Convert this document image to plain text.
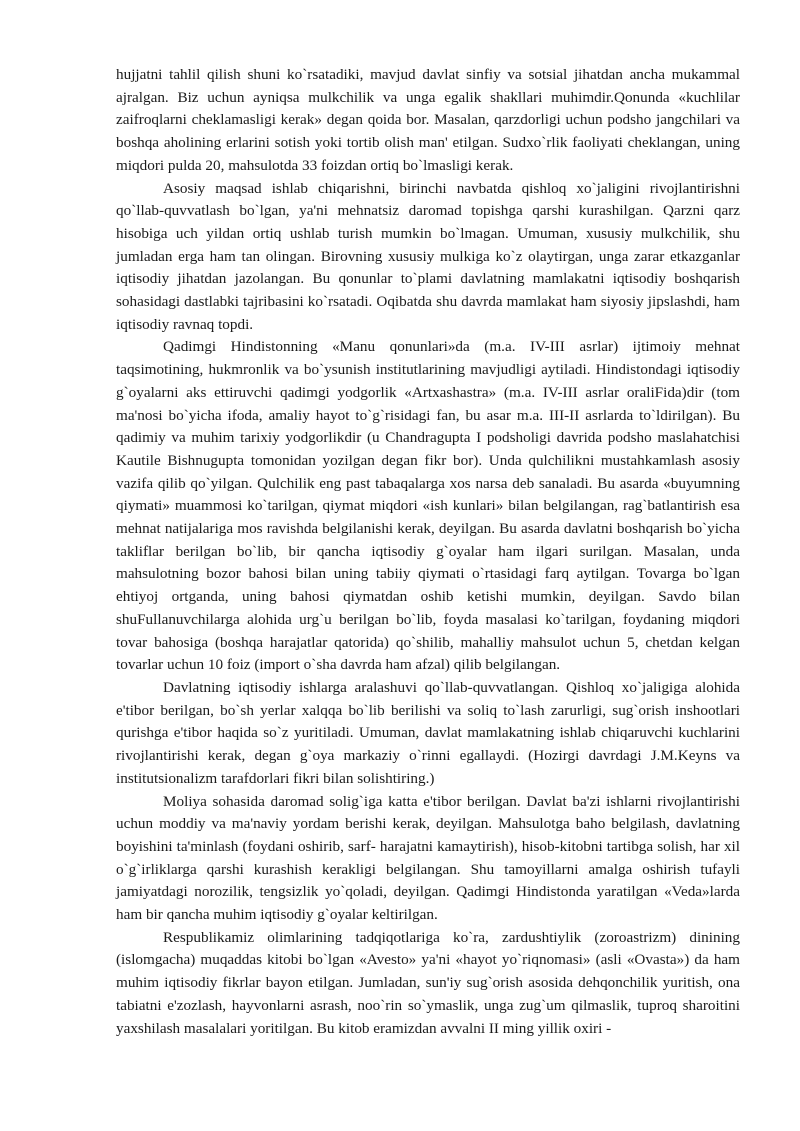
hujjatni tahlil qilish shuni ko`rsatadiki, mavjud davlat sinfiy va sotsial jihatdan ancha mukammal ajralgan. Biz uchun ayniqsa mulkchilik va unga egalik shakllari muhimdir.Qonunda «kuchlilar zaifroqlarni cheklamasligi kerak» degan qoida bor. Masalan, qarzdorligi uchun podsho jangchilari va boshqa aholining erlarini sotish yoki tortib olish man' etilgan. Sudxo`rlik faoliyati cheklangan, uning miqdori pulda 20, mahsulotda 33 foizdan ortiq bo`lmasligi kerak.

Asosiy maqsad ishlab chiqarishni, birinchi navbatda qishloq xo`jaligini rivojlantirishni qo`llab-quvvatlash bo`lgan, ya'ni mehnatsiz daromad topishga qarshi kurashilgan. Qarzni qarz hisobiga uch yildan ortiq ushlab turish mumkin bo`lmagan. Umuman, xususiy mulkchilik, shu jumladan erga ham tan olingan. Birovning xususiy mulkiga ko`z olaytirgan, unga zarar etkazganlar iqtisodiy jihatdan jazolangan. Bu qonunlar to`plami davlatning mamlakatni iqtisodiy boshqarish sohasidagi dastlabki tajribasini ko`rsatadi. Oqibatda shu davrda mamlakat ham siyosiy jipslashdi, ham iqtisodiy ravnaq topdi.

Qadimgi Hindistonning «Manu qonunlari»da (m.a. IV-III asrlar) ijtimoiy mehnat taqsimotining, hukmronlik va bo`ysunish institutlarining mavjudligi aytiladi. Hindistondagi iqtisodiy g`oyalarni aks ettiruvchi qadimgi yodgorlik «Artxashastra» (m.a. IV-III asrlar oraliFida)dir (tom ma'nosi bo`yicha ifoda, amaliy hayot to`g`risidagi fan, bu asar m.a. III-II asrlarda to`ldirilgan). Bu qadimiy va muhim tarixiy yodgorlikdir (u Chandragupta I podsholigi davrida podsho maslahatchisi Kautile Bishnugupta tomonidan yozilgan degan fikr bor). Unda qulchilikni mustahkamlash asosiy vazifa qilib qo`yilgan. Qulchilik eng past tabaqalarga xos narsa deb sanaladi. Bu asarda «buyumning qiymati» muammosi ko`tarilgan, qiymat miqdori «ish kunlari» bilan belgilangan, rag`batlantirish esa mehnat natijalariga mos ravishda belgilanishi kerak, deyilgan. Bu asarda davlatni boshqarish bo`yicha takliflar berilgan bo`lib, bir qancha iqtisodiy g`oyalar ham ilgari surilgan. Masalan, unda mahsulotning bozor bahosi bilan uning tabiiy qiymati o`rtasidagi farq aytilgan. Tovarga bo`lgan ehtiyoj ortganda, uning bahosi qiymatdan oshib ketishi mumkin, deyilgan. Savdo bilan shuFullanuvchilarga alohida urg`u berilgan bo`lib, foyda masalasi ko`tarilgan, foydaning miqdori tovar bahosiga (boshqa harajatlar qatorida) qo`shilib, mahalliy mahsulot uchun 5, chetdan kelgan tovarlar uchun 10 foiz (import o`sha davrda ham afzal) qilib belgilangan.

Davlatning iqtisodiy ishlarga aralashuvi qo`llab-quvvatlangan. Qishloq xo`jaligiga alohida e'tibor berilgan, bo`sh yerlar xalqqa bo`lib berilishi va soliq to`lash zarurligi, sug`orish inshootlari qurishga e'tibor haqida so`z yuritiladi. Umuman, davlat mamlakatning ishlab chiqaruvchi kuchlarini rivojlantirishi kerak, degan g`oya markaziy o`rinni egallaydi. (Hozirgi davrdagi J.M.Keyns va institutsionalizm tarafdorlari fikri bilan solishtiring.)

Moliya sohasida daromad solig`iga katta e'tibor berilgan. Davlat ba'zi ishlarni rivojlantirishi uchun moddiy va ma'naviy yordam berishi kerak, deyilgan. Mahsulotga baho belgilash, davlatning boyishini ta'minlash (foydani oshirib, sarf- harajatni kamaytirish), hisob-kitobni tartibga solish, har xil o`g`irliklarga qarshi kurashish kerakligi belgilangan. Shu tamoyillarni amalga oshirish tufayli jamiyatdagi norozilik, tengsizlik yo`qoladi, deyilgan. Qadimgi Hindistonda yaratilgan «Veda»larda ham bir qancha muhim iqtisodiy g`oyalar keltirilgan.

Respublikamiz olimlarining tadqiqotlariga ko`ra, zardushtiylik (zoroastrizm) dinining (islomgacha) muqaddas kitobi bo`lgan «Avesto» ya'ni «hayot yo`riqnomasi» (asli «Ovasta») da ham muhim iqtisodiy fikrlar bayon etilgan. Jumladan, sun'iy sug`orish asosida dehqonchilik yuritish, ona tabiatni e'zozlash, hayvonlarni asrash, noo`rin so`ymaslik, unga zug`um qilmaslik, tuproq sharoitini yaxshilash masalalari yoritilgan. Bu kitob eramizdan avvalni II ming yillik oxiri -
